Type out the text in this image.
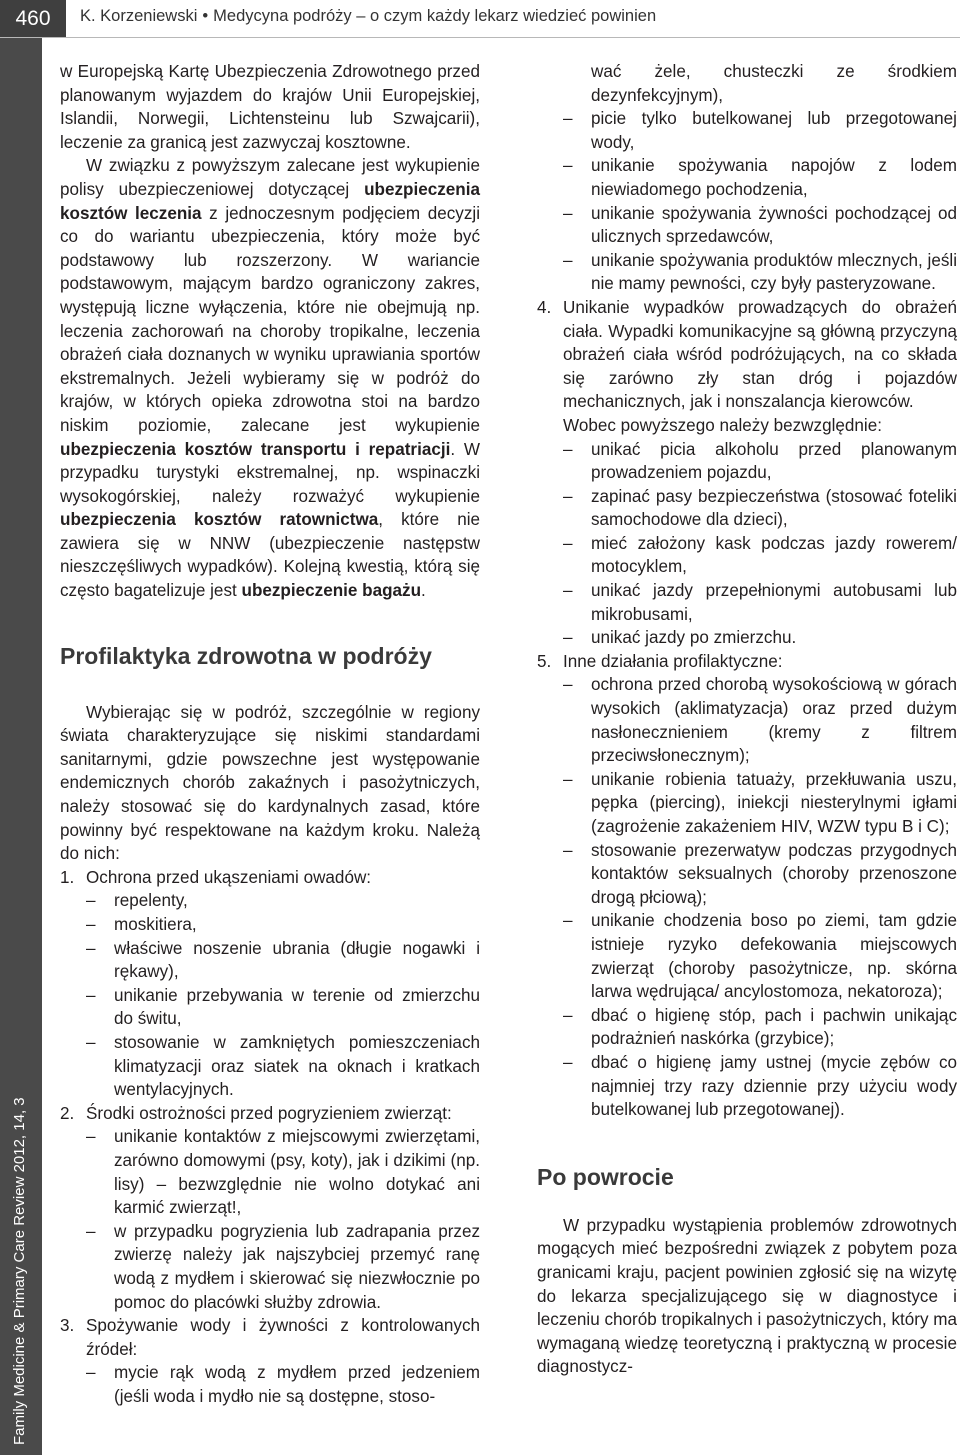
460	K. Korzeniewski • Medycyna podróży – o czym każdy lekarz wiedzieć powinien
Family Medicine & Primary Care Review 2012, 14, 3

w Europejską Kartę Ubezpieczenia Zdrowotnego przed planowanym wyjazdem do krajów Unii Europejskiej, Islandii, Norwegii, Lichtensteinu lub Szwajcarii), leczenie za granicą jest zazwyczaj kosztowne.

W związku z powyższym zalecane jest wykupienie polisy ubezpieczeniowej dotyczącej ubezpieczenia kosztów leczenia z jednoczesnym podjęciem decyzji co do wariantu ubezpieczenia, który może być podstawowy lub rozszerzony. W wariancie podstawowym, mającym bardzo ograniczony zakres, występują liczne wyłączenia, które nie obejmują np. leczenia zachorowań na choroby tropikalne, leczenia obrażeń ciała doznanych w wyniku uprawiania sportów ekstremalnych. Jeżeli wybieramy się w podróż do krajów, w których opieka zdrowotna stoi na bardzo niskim poziomie, zalecane jest wykupienie ubezpieczenia kosztów transportu i repatriacji. W przypadku turystyki ekstremalnej, np. wspinaczki wysokogórskiej, należy rozważyć wykupienie ubezpieczenia kosztów ratownictwa, które nie zawiera się w NNW (ubezpieczenie następstw nieszczęśliwych wypadków). Kolejną kwestią, którą się często bagatelizuje jest ubezpieczenie bagażu.

Profilaktyka zdrowotna w podróży

Wybierając się w podróż, szczególnie w regiony świata charakteryzujące się niskimi standardami sanitarnymi, gdzie powszechne jest występowanie endemicznych chorób zakaźnych i pasożytniczych, należy stosować się do kardynalnych zasad, które powinny być respektowane na każdym kroku. Należą do nich:

1. Ochrona przed ukąszeniami owadów:
–	repelenty,
–	moskitiera,
–	właściwe noszenie ubrania (długie nogawki i rękawy),
–	unikanie przebywania w terenie od zmierzchu do świtu,
–	stosowanie w zamkniętych pomieszczeniach klimatyzacji oraz siatek na oknach i kratkach wentylacyjnych.
2. Środki ostrożności przed pogryzieniem zwierząt:
–	unikanie kontaktów z miejscowymi zwierzętami, zarówno domowymi (psy, koty), jak i dzikimi (np. lisy) – bezwzględnie nie wolno dotykać ani karmić zwierząt!,
–	w przypadku pogryzienia lub zadrapania przez zwierzę należy jak najszybciej przemyć ranę wodą z mydłem i skierować się niezwłocznie po pomoc do placówki służby zdrowia.
3. Spożywanie wody i żywności z kontrolowanych źródeł:
–	mycie rąk wodą z mydłem przed jedzeniem (jeśli woda i mydło nie są dostępne, stoso-

wać żele, chusteczki ze środkiem dezynfekcyjnym),

–	picie tylko butelkowanej lub przegotowanej wody,
–	unikanie spożywania napojów z lodem niewiadomego pochodzenia,
–	unikanie spożywania żywności pochodzącej od ulicznych sprzedawców,
–	unikanie spożywania produktów mlecznych, jeśli nie mamy pewności, czy były pasteryzowane.
4. Unikanie wypadków prowadzących do obrażeń ciała. Wypadki komunikacyjne są główną przyczyną obrażeń ciała wśród podróżujących, na co składa się zarówno zły stan dróg i pojazdów mechanicznych, jak i nonszalancja kierowców.

Wobec powyższego należy bezwzględnie:

–	unikać picia alkoholu przed planowanym prowadzeniem pojazdu,
–	zapinać pasy bezpieczeństwa (stosować foteliki samochodowe dla dzieci),
–	mieć założony kask podczas jazdy rowerem/ motocyklem,
–	unikać jazdy przepełnionymi autobusami lub mikrobusami,
–	unikać jazdy po zmierzchu.
5. Inne działania profilaktyczne:
–	ochrona przed chorobą wysokościową w górach wysokich (aklimatyzacja) oraz przed dużym nasłonecznieniem (kremy z filtrem przeciwsłonecznym);
–	unikanie robienia tatuaży, przekłuwania uszu, pępka (piercing), iniekcji niesterylnymi igłami (zagrożenie zakażeniem HIV, WZW typu B i C);
–	stosowanie prezerwatyw podczas przygodnych kontaktów seksualnych (choroby przenoszone drogą płciową);
–	unikanie chodzenia boso po ziemi, tam gdzie istnieje ryzyko defekowania miejscowych zwierząt (choroby pasożytnicze, np. skórna larwa wędrująca/ ancylostomoza, nekatoroza);
–	dbać o higienę stóp, pach i pachwin unikając podrażnień naskórka (grzybice);
–	dbać o higienę jamy ustnej (mycie zębów co najmniej trzy razy dziennie przy użyciu wody butelkowanej lub przegotowanej).
Po powrocie

W przypadku wystąpienia problemów zdrowotnych mogących mieć bezpośredni związek z pobytem poza granicami kraju, pacjent powinien zgłosić się na wizytę do lekarza specjalizującego się w diagnostyce i leczeniu chorób tropikalnych i pasożytniczych, który ma wymaganą wiedzę teoretyczną i praktyczną w procesie diagnostycz-
